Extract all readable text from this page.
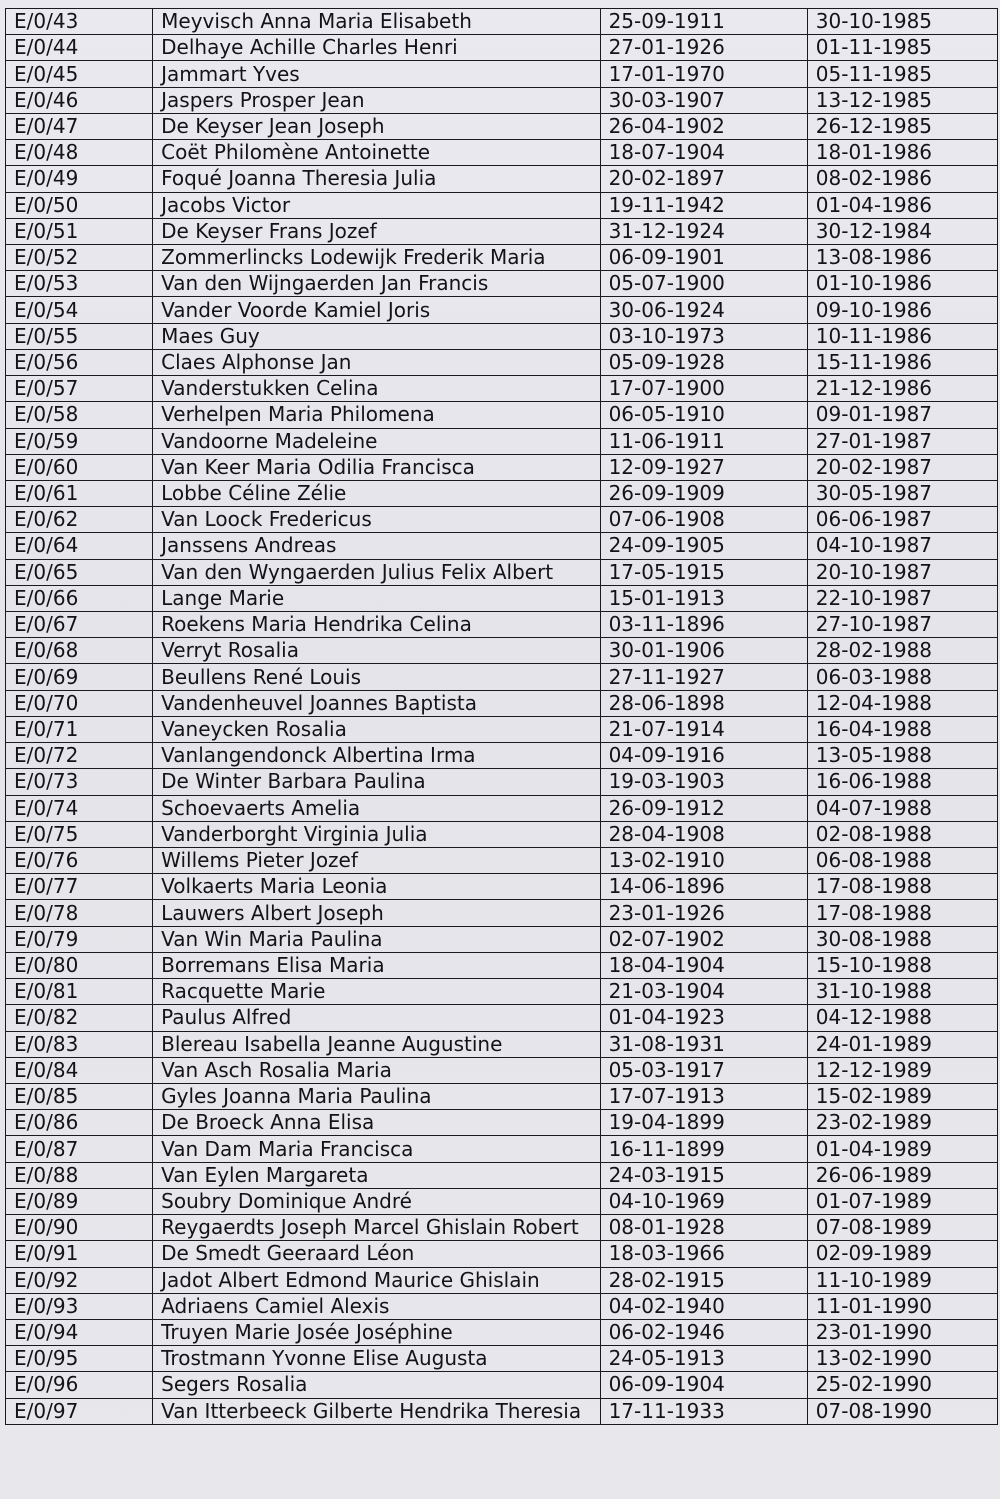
E/0/43	Meyvisch Anna Maria Elisabeth	25-09-1911	30-10-1985
E/0/44	Delhaye Achille Charles Henri	27-01-1926	01-11-1985
E/0/45	Jammart Yves	17-01-1970	05-11-1985
E/0/46	Jaspers Prosper Jean	30-03-1907	13-12-1985
E/0/47	De Keyser Jean Joseph	26-04-1902	26-12-1985
E/0/48	Coët Philomène Antoinette	18-07-1904	18-01-1986
E/0/49	Foqué Joanna Theresia Julia	20-02-1897	08-02-1986
E/0/50	Jacobs Victor	19-11-1942	01-04-1986
E/0/51	De Keyser Frans Jozef	31-12-1924	30-12-1984
E/0/52	Zommerlincks Lodewijk Frederik Maria	06-09-1901	13-08-1986
E/0/53	Van den Wijngaerden Jan Francis	05-07-1900	01-10-1986
E/0/54	Vander Voorde Kamiel Joris	30-06-1924	09-10-1986
E/0/55	Maes Guy	03-10-1973	10-11-1986
E/0/56	Claes Alphonse Jan	05-09-1928	15-11-1986
E/0/57	Vanderstukken Celina	17-07-1900	21-12-1986
E/0/58	Verhelpen Maria Philomena	06-05-1910	09-01-1987
E/0/59	Vandoorne Madeleine	11-06-1911	27-01-1987
E/0/60	Van Keer Maria Odilia Francisca	12-09-1927	20-02-1987
E/0/61	Lobbe Céline Zélie	26-09-1909	30-05-1987
E/0/62	Van Loock Fredericus	07-06-1908	06-06-1987
E/0/64	Janssens Andreas	24-09-1905	04-10-1987
E/0/65	Van den Wyngaerden Julius Felix Albert	17-05-1915	20-10-1987
E/0/66	Lange Marie	15-01-1913	22-10-1987
E/0/67	Roekens Maria Hendrika Celina	03-11-1896	27-10-1987
E/0/68	Verryt Rosalia	30-01-1906	28-02-1988
E/0/69	Beullens René Louis	27-11-1927	06-03-1988
E/0/70	Vandenheuvel Joannes Baptista	28-06-1898	12-04-1988
E/0/71	Vaneycken Rosalia	21-07-1914	16-04-1988
E/0/72	Vanlangendonck Albertina Irma	04-09-1916	13-05-1988
E/0/73	De Winter Barbara Paulina	19-03-1903	16-06-1988
E/0/74	Schoevaerts Amelia	26-09-1912	04-07-1988
E/0/75	Vanderborght Virginia Julia	28-04-1908	02-08-1988
E/0/76	Willems Pieter Jozef	13-02-1910	06-08-1988
E/0/77	Volkaerts Maria Leonia	14-06-1896	17-08-1988
E/0/78	Lauwers Albert Joseph	23-01-1926	17-08-1988
E/0/79	Van Win Maria Paulina	02-07-1902	30-08-1988
E/0/80	Borremans Elisa Maria	18-04-1904	15-10-1988
E/0/81	Racquette Marie	21-03-1904	31-10-1988
E/0/82	Paulus Alfred	01-04-1923	04-12-1988
E/0/83	Blereau Isabella Jeanne Augustine	31-08-1931	24-01-1989
E/0/84	Van Asch Rosalia Maria	05-03-1917	12-12-1989
E/0/85	Gyles Joanna Maria Paulina	17-07-1913	15-02-1989
E/0/86	De Broeck Anna Elisa	19-04-1899	23-02-1989
E/0/87	Van Dam Maria Francisca	16-11-1899	01-04-1989
E/0/88	Van Eylen Margareta	24-03-1915	26-06-1989
E/0/89	Soubry Dominique André	04-10-1969	01-07-1989
E/0/90	Reygaerdts Joseph Marcel Ghislain Robert	08-01-1928	07-08-1989
E/0/91	De Smedt Geeraard Léon	18-03-1966	02-09-1989
E/0/92	Jadot Albert Edmond Maurice Ghislain	28-02-1915	11-10-1989
E/0/93	Adriaens Camiel Alexis	04-02-1940	11-01-1990
E/0/94	Truyen Marie Josée Joséphine	06-02-1946	23-01-1990
E/0/95	Trostmann Yvonne Elise Augusta	24-05-1913	13-02-1990
E/0/96	Segers Rosalia	06-09-1904	25-02-1990
E/0/97	Van Itterbeeck Gilberte Hendrika Theresia	17-11-1933	07-08-1990
